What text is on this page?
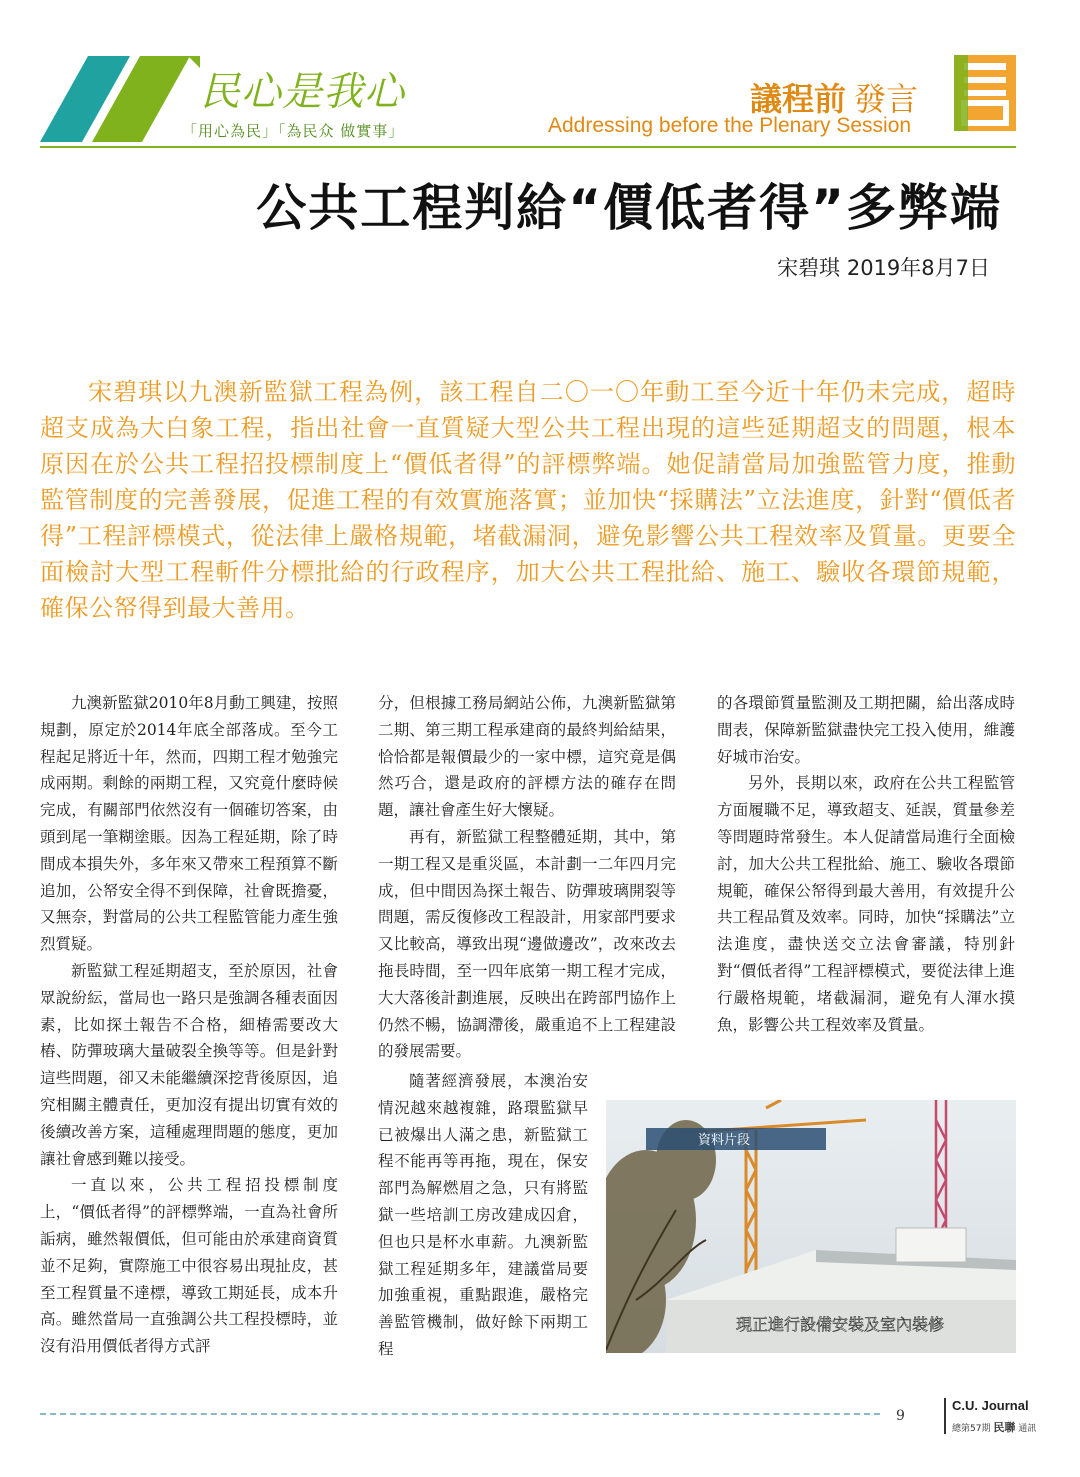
民心是我心
「用心為民」「為民众 做實事」
議程前 發言
Addressing before the Plenary Session
公共工程判給“價低者得”多弊端
宋碧琪 2019年8月7日
宋碧琪以九澳新監獄工程為例，該工程自二〇一〇年動工至今近十年仍未完成，超時超支成為大白象工程，指出社會一直質疑大型公共工程出現的這些延期超支的問題，根本原因在於公共工程招投標制度上“價低者得”的評標弊端。她促請當局加強監管力度，推動監管制度的完善發展，促進工程的有效實施落實；並加快“採購法”立法進度，針對“價低者得”工程評標模式，從法律上嚴格規範，堵截漏洞，避免影響公共工程效率及質量。更要全面檢討大型工程斬件分標批給的行政程序，加大公共工程批給、施工、驗收各環節規範，確保公帑得到最大善用。

九澳新監獄2010年8月動工興建，按照規劃，原定於2014年底全部落成。至今工程起足將近十年，然而，四期工程才勉強完成兩期。剩餘的兩期工程，又究竟什麼時候完成，有關部門依然沒有一個確切答案，由頭到尾一筆糊塗賬。因為工程延期，除了時間成本損失外，多年來又帶來工程預算不斷追加，公帑安全得不到保障，社會既擔憂，又無奈，對當局的公共工程監管能力產生強烈質疑。

新監獄工程延期超支，至於原因，社會眾說紛紜，當局也一路只是強調各種表面因素，比如探土報告不合格，細椿需要改大樁、防彈玻璃大量破裂全換等等。但是針對這些問題，卻又未能繼續深挖背後原因，追究相關主體責任，更加沒有提出切實有效的後續改善方案，這種處理問題的態度，更加讓社會感到難以接受。

一直以來，公共工程招投標制度上，“價低者得”的評標弊端，一直為社會所詬病，雖然報價低，但可能由於承建商資質並不足夠，實際施工中很容易出現扯皮，甚至工程質量不達標，導致工期延長，成本升高。雖然當局一直強調公共工程投標時，並沒有沿用價低者得方式評

分，但根據工務局網站公佈，九澳新監獄第二期、第三期工程承建商的最終判給結果，恰恰都是報價最少的一家中標，這究竟是偶然巧合，還是政府的評標方法的確存在問題，讓社會產生好大懷疑。

再有，新監獄工程整體延期，其中，第一期工程又是重災區，本計劃一二年四月完成，但中間因為探土報告、防彈玻璃開裂等問題，需反復修改工程設計，用家部門要求又比較高，導致出現“邊做邊改”，改來改去拖長時間，至一四年底第一期工程才完成，大大落後計劃進展，反映出在跨部門協作上仍然不暢，協調滯後，嚴重追不上工程建設的發展需要。

隨著經濟發展，本澳治安情況越來越複雜，路環監獄早已被爆出人滿之患，新監獄工程不能再等再拖，現在，保安部門為解燃眉之急，只有將監獄一些培訓工房改建成囚倉，但也只是杯水車薪。九澳新監獄工程延期多年，建議當局要加強重視，重點跟進，嚴格完善監管機制，做好餘下兩期工程

的各環節質量監測及工期把關，給出落成時間表，保障新監獄盡快完工投入使用，維護好城市治安。

另外，長期以來，政府在公共工程監管方面履職不足，導致超支、延誤，質量參差等問題時常發生。本人促請當局進行全面檢討，加大公共工程批給、施工、驗收各環節規範，確保公帑得到最大善用，有效提升公共工程品質及效率。同時，加快“採購法”立法進度，盡快送交立法會審議，特別針對“價低者得”工程評標模式，要從法律上進行嚴格規範，堵截漏洞，避免有人渾水摸魚，影響公共工程效率及質量。

資料片段
現正進行設備安裝及室內裝修
9
C.U. Journal
總第57期 民聯 通訊
